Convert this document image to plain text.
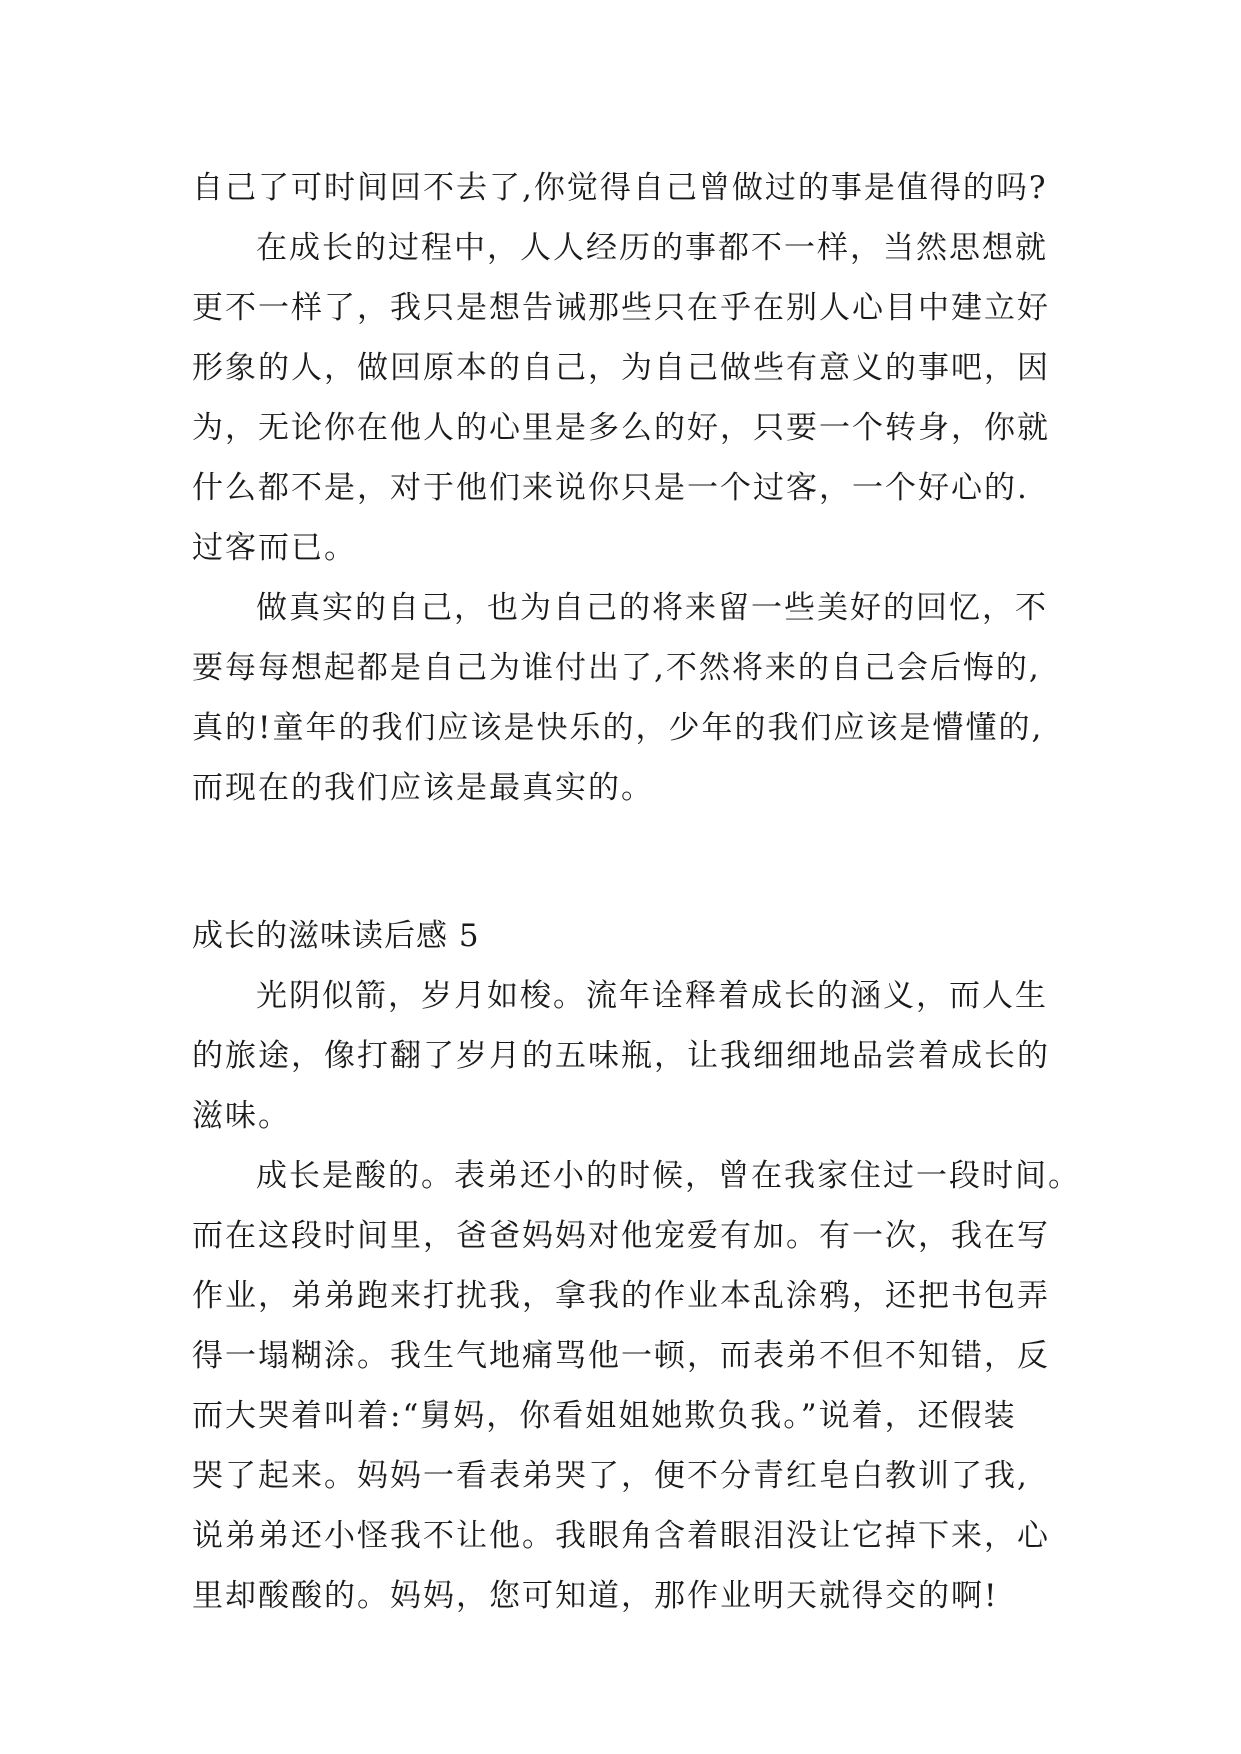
自己了可时间回不去了,你觉得自己曾做过的事是值得的吗?
在成长的过程中，人人经历的事都不一样，当然思想就
更不一样了，我只是想告诫那些只在乎在别人心目中建立好
形象的人，做回原本的自己，为自己做些有意义的事吧，因
为，无论你在他人的心里是多么的好，只要一个转身，你就
什么都不是，对于他们来说你只是一个过客，一个好心的.
过客而已。
做真实的自己，也为自己的将来留一些美好的回忆，不
要每每想起都是自己为谁付出了,不然将来的自己会后悔的,
真的!童年的我们应该是快乐的，少年的我们应该是懵懂的,
而现在的我们应该是最真实的。
成长的滋味读后感 5
光阴似箭，岁月如梭。流年诠释着成长的涵义，而人生
的旅途，像打翻了岁月的五味瓶，让我细细地品尝着成长的
滋味。
成长是酸的。表弟还小的时候，曾在我家住过一段时间。
而在这段时间里，爸爸妈妈对他宠爱有加。有一次，我在写
作业，弟弟跑来打扰我，拿我的作业本乱涂鸦，还把书包弄
得一塌糊涂。我生气地痛骂他一顿，而表弟不但不知错，反
而大哭着叫着:“舅妈，你看姐姐她欺负我。”说着，还假装
哭了起来。妈妈一看表弟哭了，便不分青红皂白教训了我,
说弟弟还小怪我不让他。我眼角含着眼泪没让它掉下来，心
里却酸酸的。妈妈，您可知道，那作业明天就得交的啊!
